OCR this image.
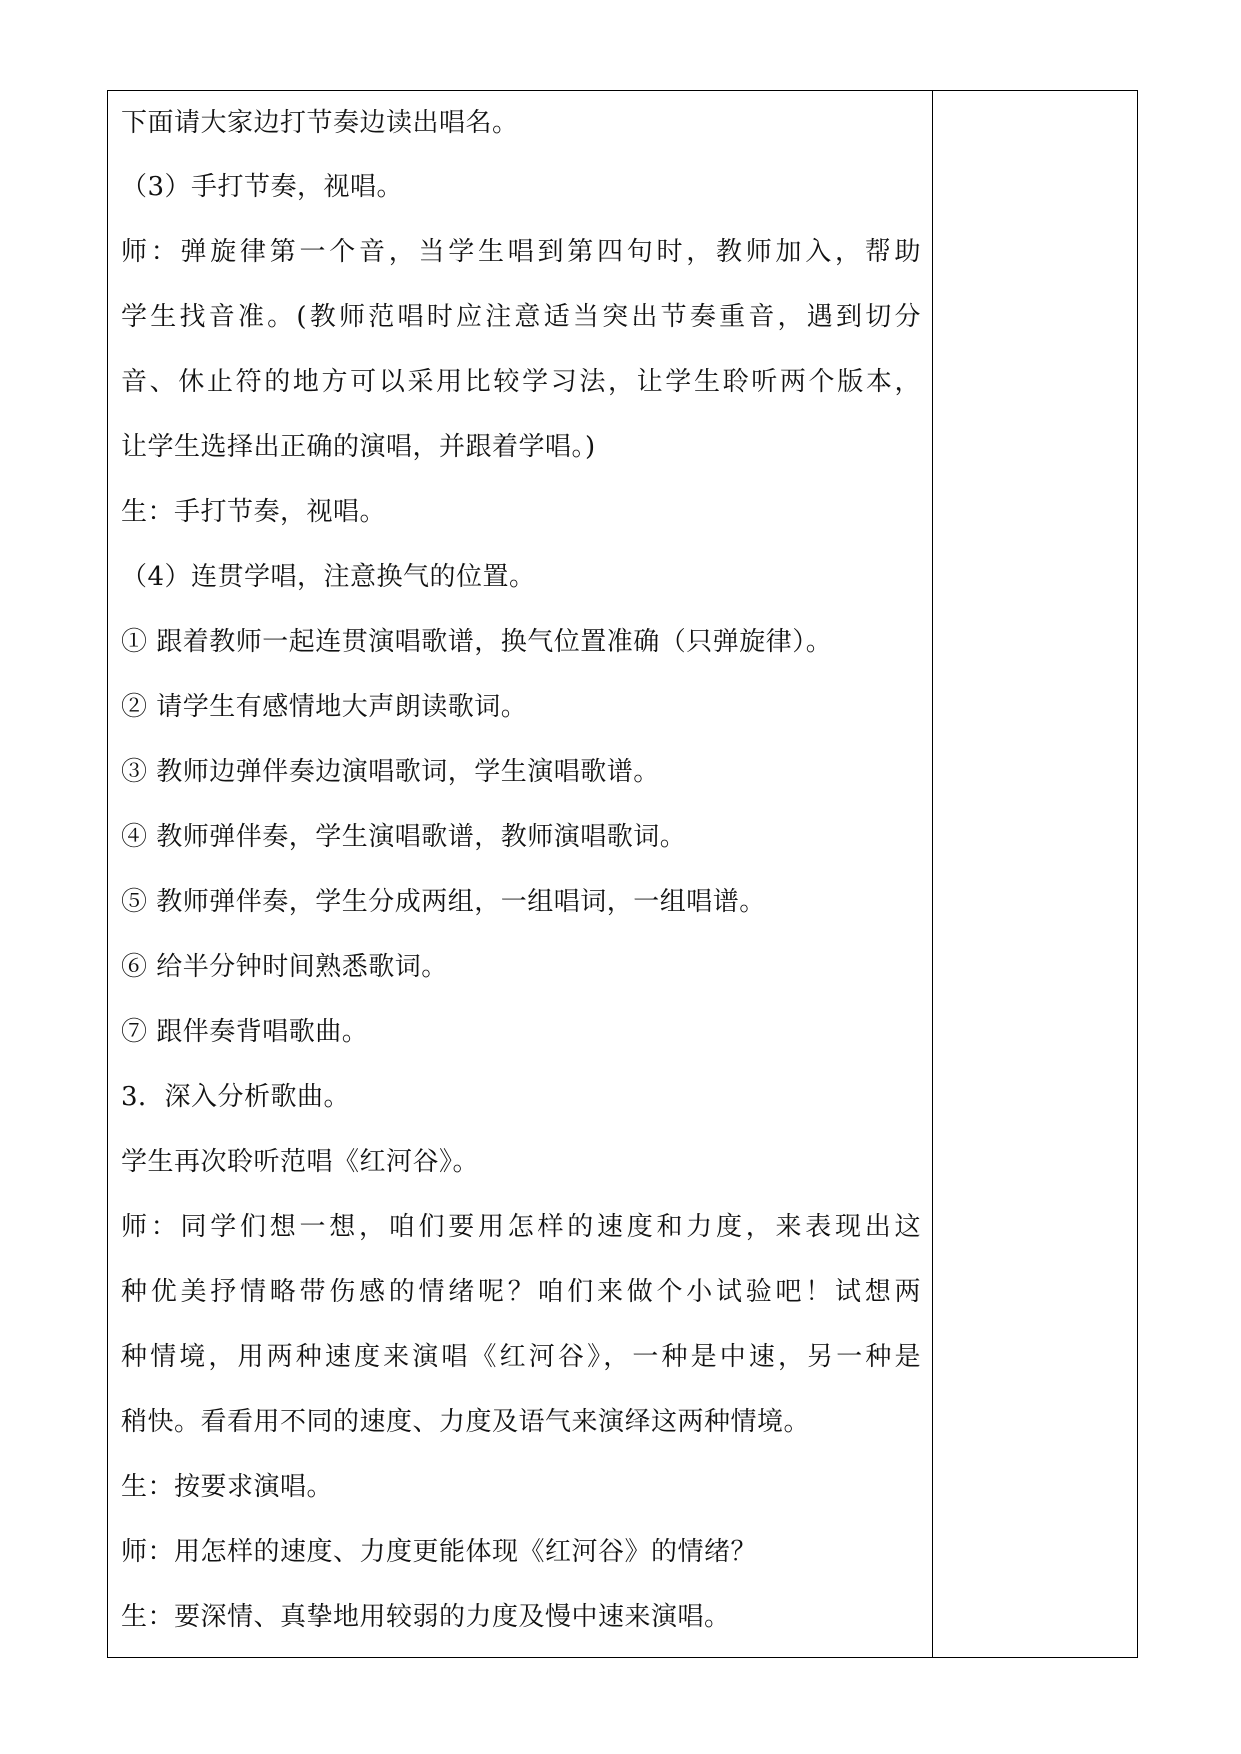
下面请大家边打节奏边读出唱名。
（3）手打节奏，视唱。
师：弹旋律第一个音，当学生唱到第四句时，教师加入，帮助
学生找音准。(教师范唱时应注意适当突出节奏重音，遇到切分
音、休止符的地方可以采用比较学习法，让学生聆听两个版本，
让学生选择出正确的演唱，并跟着学唱。)
生：手打节奏，视唱。
（4）连贯学唱，注意换气的位置。
① 跟着教师一起连贯演唱歌谱，换气位置准确（只弹旋律）。
② 请学生有感情地大声朗读歌词。
③ 教师边弹伴奏边演唱歌词，学生演唱歌谱。
④ 教师弹伴奏，学生演唱歌谱，教师演唱歌词。
⑤ 教师弹伴奏，学生分成两组，一组唱词，一组唱谱。
⑥ 给半分钟时间熟悉歌词。
⑦ 跟伴奏背唱歌曲。
3．深入分析歌曲。
学生再次聆听范唱《红河谷》。
师：同学们想一想，咱们要用怎样的速度和力度，来表现出这
种优美抒情略带伤感的情绪呢？咱们来做个小试验吧！试想两
种情境，用两种速度来演唱《红河谷》，一种是中速，另一种是
稍快。看看用不同的速度、力度及语气来演绎这两种情境。
生：按要求演唱。
师：用怎样的速度、力度更能体现《红河谷》的情绪？
生：要深情、真挚地用较弱的力度及慢中速来演唱。
